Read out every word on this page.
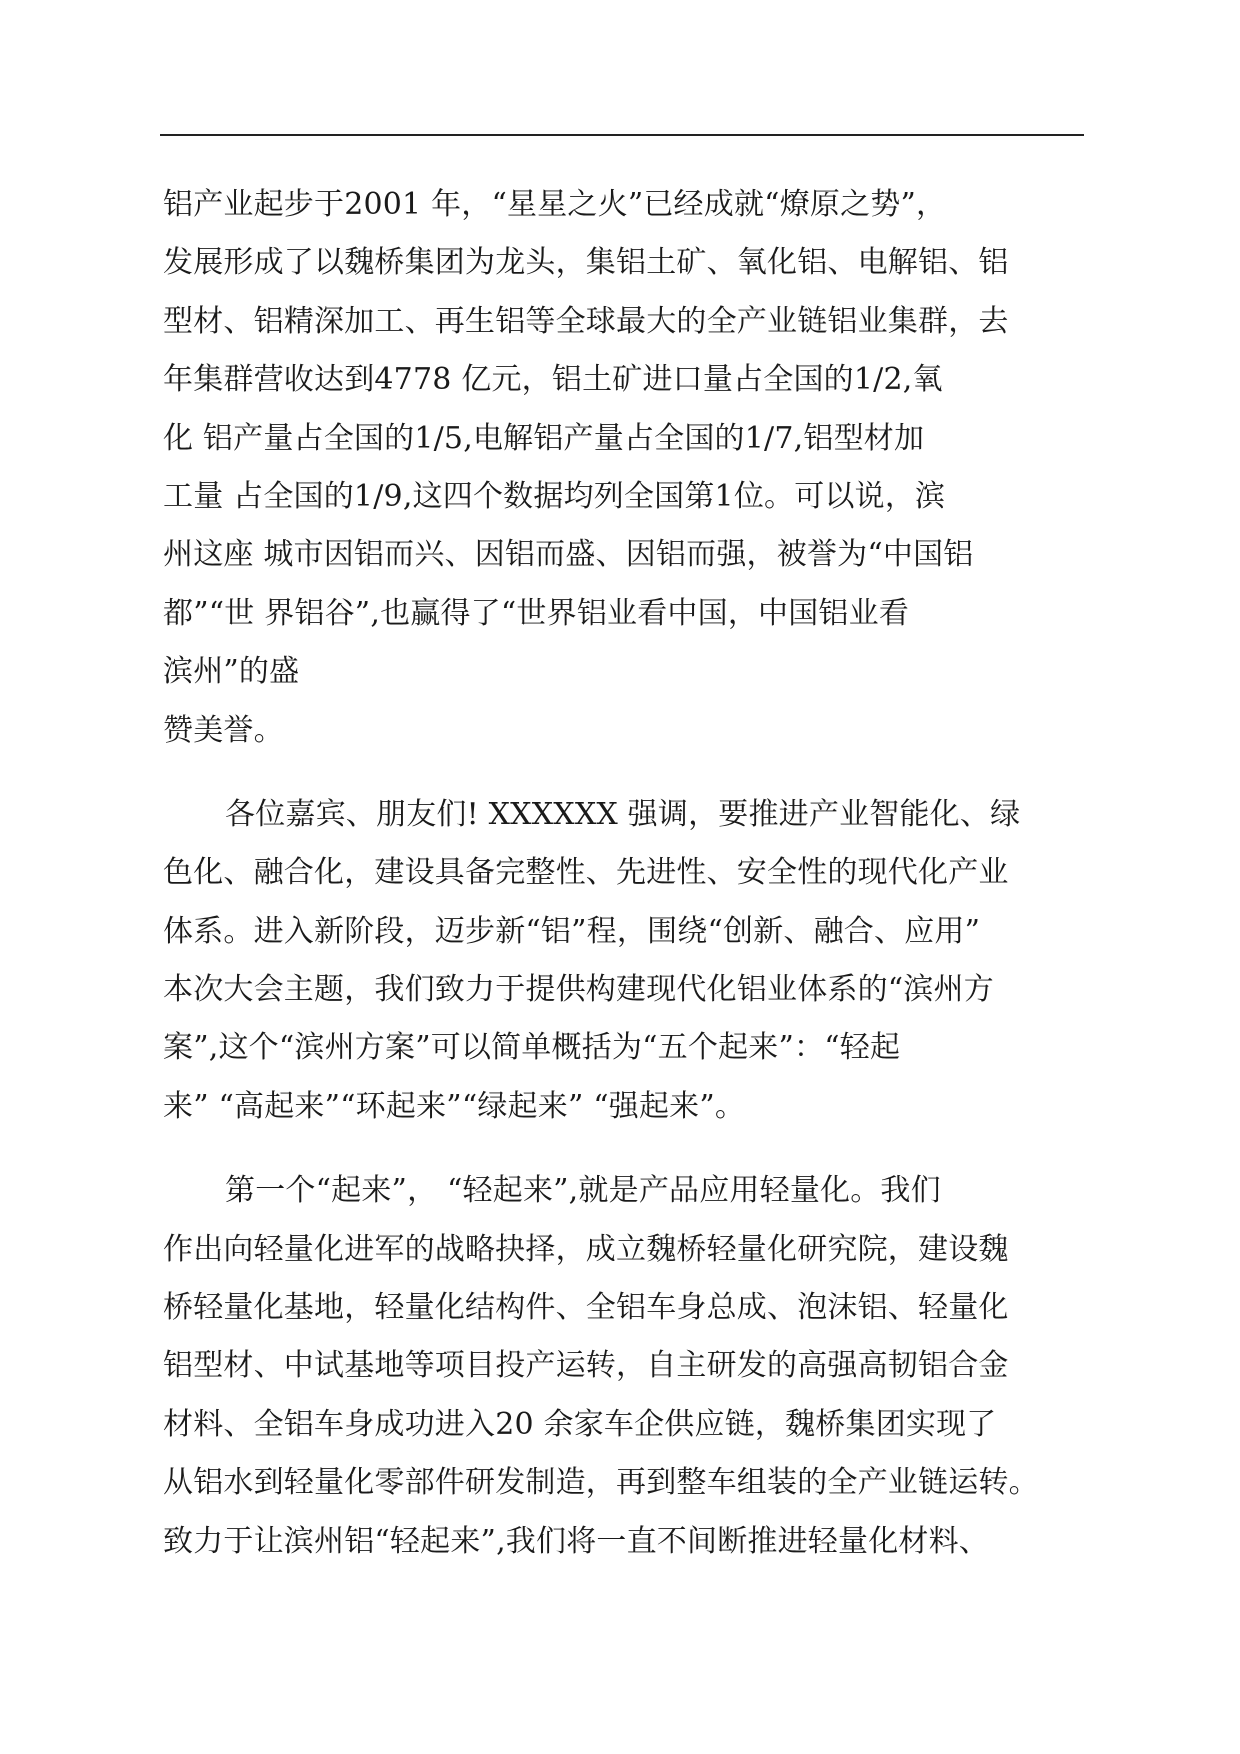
铝产业起步于2001 年，“星星之火”已经成就“燎原之势”，
发展形成了以魏桥集团为龙头，集铝土矿、氧化铝、电解铝、铝
型材、铝精深加工、再生铝等全球最大的全产业链铝业集群，去
年集群营收达到4778 亿元，铝土矿进口量占全国的1/2,氧
化 铝产量占全国的1/5,电解铝产量占全国的1/7,铝型材加
工量 占全国的1/9,这四个数据均列全国第1位。可以说，滨
州这座 城市因铝而兴、因铝而盛、因铝而强，被誉为“中国铝
都”“世 界铝谷”,也赢得了“世界铝业看中国，中国铝业看
滨州”的盛
赞美誉。
各位嘉宾、朋友们! XXXXXX 强调，要推进产业智能化、绿
色化、融合化，建设具备完整性、先进性、安全性的现代化产业
体系。进入新阶段，迈步新“铝”程，围绕“创新、融合、应用”
本次大会主题，我们致力于提供构建现代化铝业体系的“滨州方
案”,这个“滨州方案”可以简单概括为“五个起来”：“轻起
来” “高起来”“环起来”“绿起来” “强起来”。
第一个“起来”， “轻起来”,就是产品应用轻量化。我们
作出向轻量化进军的战略抉择，成立魏桥轻量化研究院，建设魏
桥轻量化基地，轻量化结构件、全铝车身总成、泡沫铝、轻量化
铝型材、中试基地等项目投产运转，自主研发的高强高韧铝合金
材料、全铝车身成功进入20 余家车企供应链，魏桥集团实现了
从铝水到轻量化零部件研发制造，再到整车组装的全产业链运转。
致力于让滨州铝“轻起来”,我们将一直不间断推进轻量化材料、
